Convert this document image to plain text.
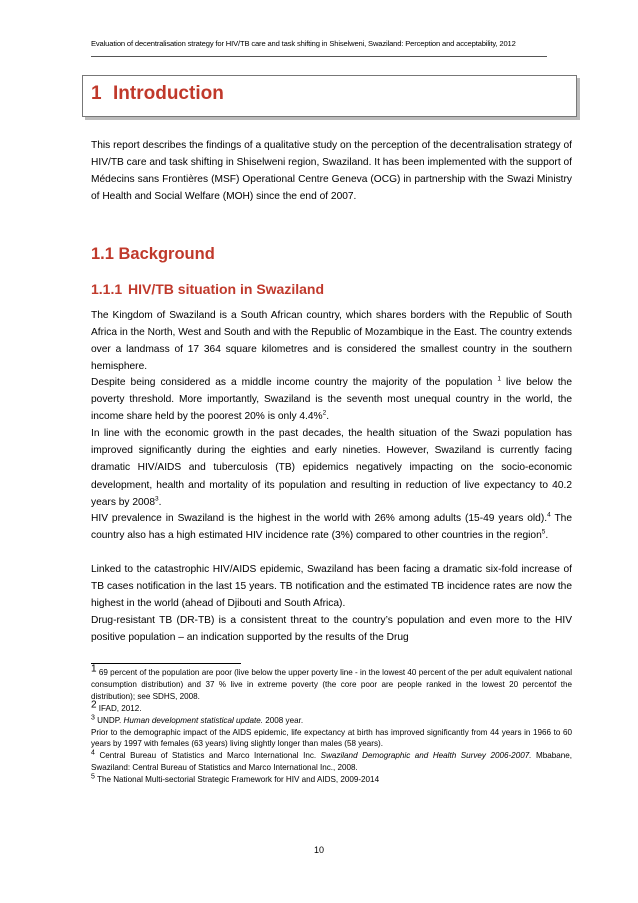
Evaluation of decentralisation strategy for HIV/TB care and task shifting in Shiselweni, Swaziland: Perception and acceptability, 2012
1 Introduction

This report describes the findings of a qualitative study on the perception of the decentralisation strategy of HIV/TB care and task shifting in Shiselweni region, Swaziland. It has been implemented with the support of Médecins sans Frontières (MSF) Operational Centre Geneva (OCG) in partnership with the Swazi Ministry of Health and Social Welfare (MOH) since the end of 2007.

1.1 Background
1.1.1 HIV/TB situation in Swaziland

The Kingdom of Swaziland is a South African country, which shares borders with the Republic of South Africa in the North, West and South and with the Republic of Mozambique in the East. The country extends over a landmass of 17 364 square kilometres and is considered the smallest country in the southern hemisphere.

Despite being considered as a middle income country the majority of the population $^1$ live below the poverty threshold. More importantly, Swaziland is the seventh most unequal country in the world, the income share held by the poorest 20% is only 4.4%$^2$.
In line with the economic growth in the past decades, the health situation of the Swazi population has improved significantly during the eighties and early nineties. However, Swaziland is currently facing dramatic HIV/AIDS and tuberculosis (TB) epidemics negatively impacting on the socio-economic development, health and mortality of its population and resulting in reduction of live expectancy to 40.2 years by 2008$^3$.

HIV prevalence in Swaziland is the highest in the world with 26% among adults (15-49 years old).$^4$ The country also has a high estimated HIV incidence rate (3%) compared to other countries in the region$^5$.

Linked to the catastrophic HIV/AIDS epidemic, Swaziland has been facing a dramatic six-fold increase of TB cases notification in the last 15 years. TB notification and the estimated TB incidence rates are now the highest in the world (ahead of Djibouti and South Africa).

Drug-resistant TB (DR-TB) is a consistent threat to the country’s population and even more to the HIV positive population – an indication supported by the results of the Drug

1 69 percent of the population are poor (live below the upper poverty line - in the lowest 40 percent of the per adult equivalent national consumption distribution) and 37 % live in extreme poverty (the core poor are people ranked in the lowest 20 percentof the distribution); see SDHS, 2008.
2 IFAD, 2012.
$^3$ UNDP. Human development statistical update. 2008 year.
Prior to the demographic impact of the AIDS epidemic, life expectancy at birth has improved significantly from 44 years in 1966 to 60 years by 1997 with females (63 years) living slightly longer than males (58 years).
$^4$ Central Bureau of Statistics and Marco International Inc. Swaziland Demographic and Health Survey 2006-2007. Mbabane, Swaziland: Central Bureau of Statistics and Marco International Inc., 2008.
$^5$ The National Multi-sectorial Strategic Framework for HIV and AIDS, 2009-2014
10
